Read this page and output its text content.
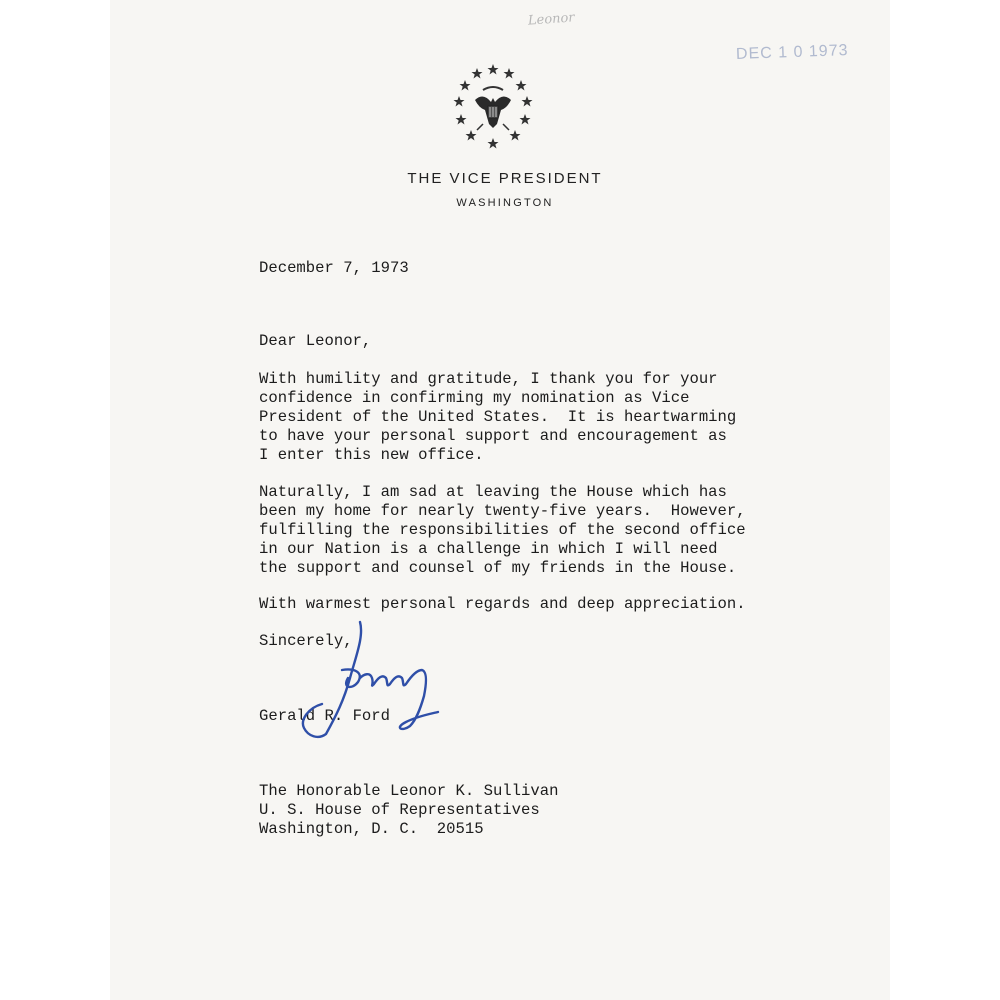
Leonor
DEC 1 0 1973
THE VICE PRESIDENT
WASHINGTON
December 7, 1973
Dear Leonor,
With humility and gratitude, I thank you for your
confidence in confirming my nomination as Vice
President of the United States.  It is heartwarming
to have your personal support and encouragement as
I enter this new office.
Naturally, I am sad at leaving the House which has
been my home for nearly twenty-five years.  However,
fulfilling the responsibilities of the second office
in our Nation is a challenge in which I will need
the support and counsel of my friends in the House.
With warmest personal regards and deep appreciation.
Sincerely,
Gerald R. Ford
The Honorable Leonor K. Sullivan
U. S. House of Representatives
Washington, D. C.  20515
